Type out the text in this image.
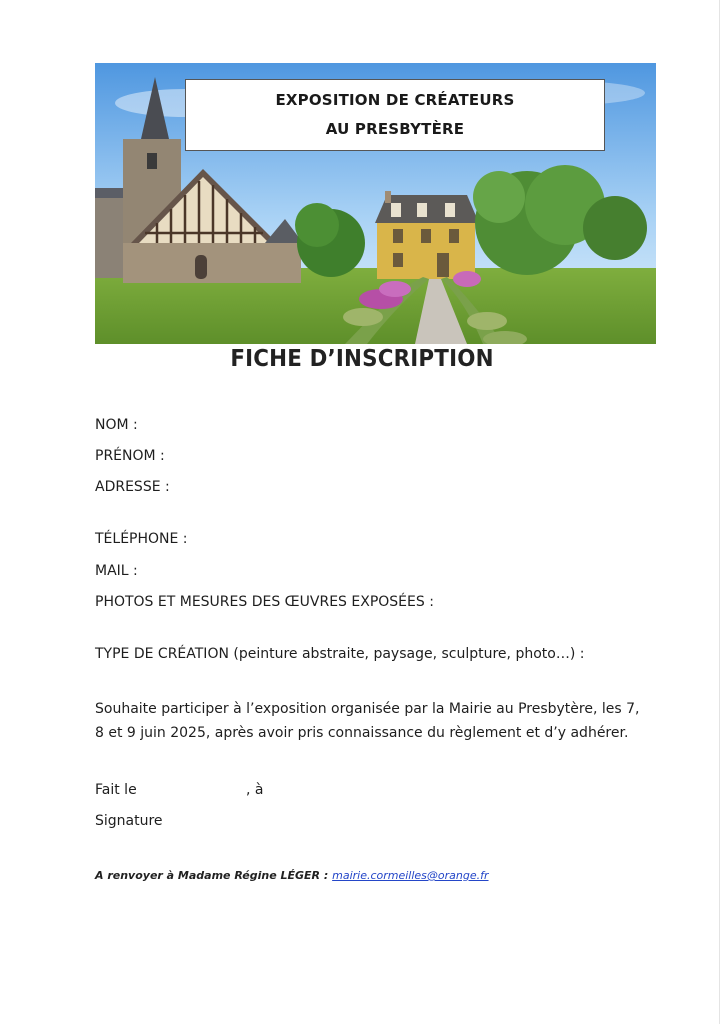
EXPOSITION DE CRÉATEURS
AU PRESBYTÈRE
FICHE D’INSCRIPTION
NOM :
PRÉNOM :
ADRESSE :
TÉLÉPHONE :
MAIL :
PHOTOS ET MESURES DES ŒUVRES EXPOSÉES :
TYPE DE CRÉATION (peinture abstraite, paysage, sculpture, photo…) :
Souhaite participer à l’exposition organisée par la Mairie au Presbytère, les 7, 8 et 9 juin 2025, après avoir pris connaissance du règlement et d’y adhérer.
Fait le	, à
Signature
A renvoyer à Madame Régine LÉGER : mairie.cormeilles@orange.fr
